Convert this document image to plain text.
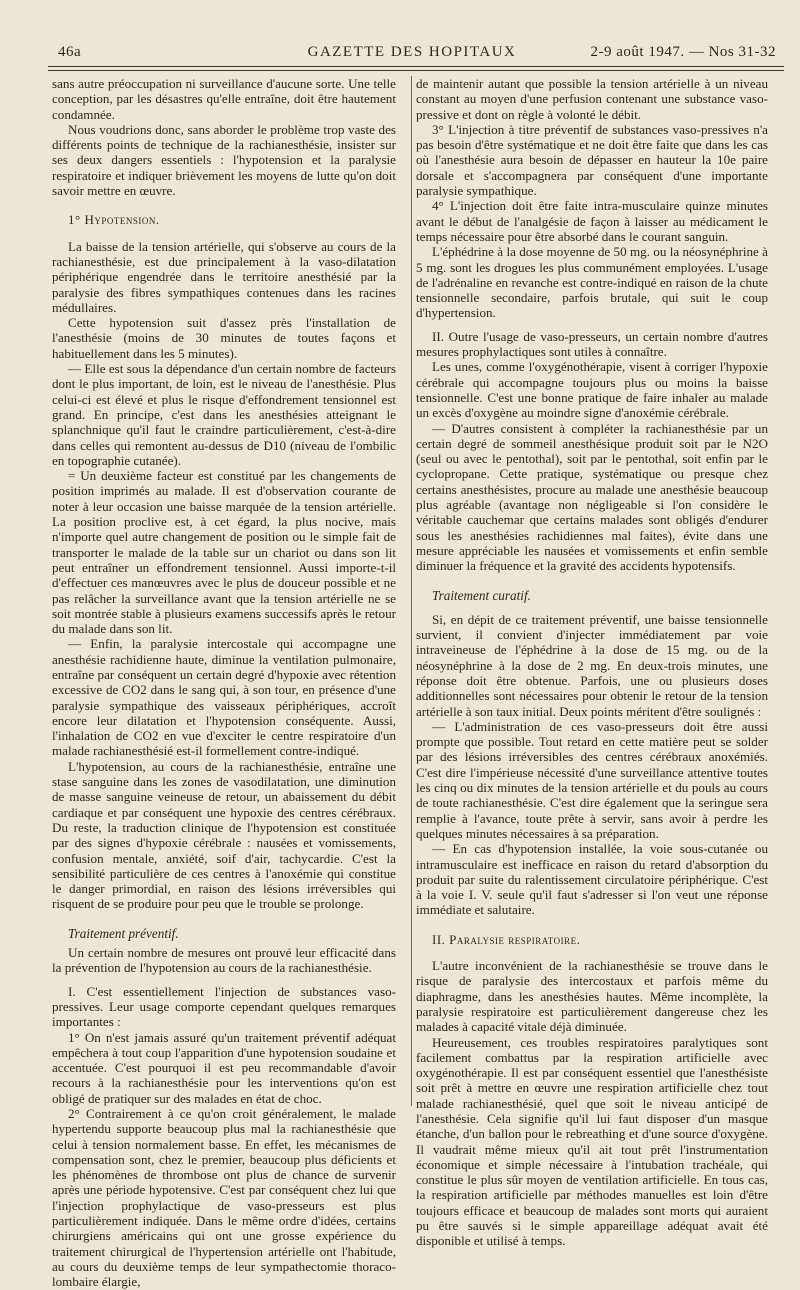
46a	GAZETTE DES HOPITAUX	2-9 août 1947. — Nos 31-32

sans autre préoccupation ni surveillance d'aucune sorte. Une telle conception, par les désastres qu'elle entraîne, doit être hautement condamnée.

Nous voudrions donc, sans aborder le problème trop vaste des différents points de technique de la rachianesthésie, insister sur ses deux dangers essentiels : l'hypotension et la paralysie respiratoire et indiquer brièvement les moyens de lutte qu'on doit savoir mettre en œuvre.

1° Hypotension.

La baisse de la tension artérielle, qui s'observe au cours de la rachianesthésie, est due principalement à la vaso-dilatation périphérique engendrée dans le territoire anesthésié par la paralysie des fibres sympathiques contenues dans les racines médullaires.

Cette hypotension suit d'assez près l'installation de l'anesthésie (moins de 30 minutes de toutes façons et habituellement dans les 5 minutes).

— Elle est sous la dépendance d'un certain nombre de facteurs dont le plus important, de loin, est le niveau de l'anesthésie. Plus celui-ci est élevé et plus le risque d'effondrement tensionnel est grand. En principe, c'est dans les anesthésies atteignant le splanchnique qu'il faut le craindre particulièrement, c'est-à-dire dans celles qui remontent au-dessus de D10 (niveau de l'ombilic en topographie cutanée).

= Un deuxième facteur est constitué par les changements de position imprimés au malade. Il est d'observation courante de noter à leur occasion une baisse marquée de la tension artérielle. La position proclive est, à cet égard, la plus nocive, mais n'importe quel autre changement de position ou le simple fait de transporter le malade de la table sur un chariot ou dans son lit peut entraîner un effondrement tensionnel. Aussi importe-t-il d'effectuer ces manœuvres avec le plus de douceur possible et ne pas relâcher la surveillance avant que la tension artérielle ne se soit montrée stable à plusieurs examens successifs après le retour du malade dans son lit.

— Enfin, la paralysie intercostale qui accompagne une anesthésie rachidienne haute, diminue la ventilation pulmonaire, entraîne par conséquent un certain degré d'hypoxie avec rétention excessive de CO2 dans le sang qui, à son tour, en présence d'une paralysie sympathique des vaisseaux périphériques, accroît encore leur dilatation et l'hypotension conséquente. Aussi, l'inhalation de CO2 en vue d'exciter le centre respiratoire d'un malade rachianesthésié est-il formellement contre-indiqué.

L'hypotension, au cours de la rachianesthésie, entraîne une stase sanguine dans les zones de vasodilatation, une diminution de masse sanguine veineuse de retour, un abaissement du débit cardiaque et par conséquent une hypoxie des centres cérébraux. Du reste, la traduction clinique de l'hypotension est constituée par des signes d'hypoxie cérébrale : nausées et vomissements, confusion mentale, anxiété, soif d'air, tachycardie. C'est la sensibilité particulière de ces centres à l'anoxémie qui constitue le danger primordial, en raison des lésions irréversibles qui risquent de se produire pour peu que le trouble se prolonge.

Traitement préventif.

Un certain nombre de mesures ont prouvé leur efficacité dans la prévention de l'hypotension au cours de la rachianesthésie.

I. C'est essentiellement l'injection de substances vaso-pressives. Leur usage comporte cependant quelques remarques importantes :

1° On n'est jamais assuré qu'un traitement préventif adéquat empêchera à tout coup l'apparition d'une hypotension soudaine et accentuée. C'est pourquoi il est peu recommandable d'avoir recours à la rachianesthésie pour les interventions qu'on est obligé de pratiquer sur des malades en état de choc.

2° Contrairement à ce qu'on croit généralement, le malade hypertendu supporte beaucoup plus mal la rachianesthésie que celui à tension normalement basse. En effet, les mécanismes de compensation sont, chez le premier, beaucoup plus déficients et les phénomènes de thrombose ont plus de chance de survenir après une période hypotensive. C'est par conséquent chez lui que l'injection prophylactique de vaso-presseurs est plus particulièrement indiquée. Dans le même ordre d'idées, certains chirurgiens américains qui ont une grosse expérience du traitement chirurgical de l'hypertension artérielle ont l'habitude, au cours du deuxième temps de leur sympathectomie thoraco-lombaire élargie,

de maintenir autant que possible la tension artérielle à un niveau constant au moyen d'une perfusion contenant une substance vaso-pressive et dont on règle à volonté le débit.

3° L'injection à titre préventif de substances vaso-pressives n'a pas besoin d'être systématique et ne doit être faite que dans les cas où l'anesthésie aura besoin de dépasser en hauteur la 10e paire dorsale et s'accompagnera par conséquent d'une importante paralysie sympathique.

4° L'injection doit être faite intra-musculaire quinze minutes avant le début de l'analgésie de façon à laisser au médicament le temps nécessaire pour être absorbé dans le courant sanguin.

L'éphédrine à la dose moyenne de 50 mg. ou la néosynéphrine à 5 mg. sont les drogues les plus communément employées. L'usage de l'adrénaline en revanche est contre-indiqué en raison de la chute tensionnelle secondaire, parfois brutale, qui suit le coup d'hypertension.

II. Outre l'usage de vaso-presseurs, un certain nombre d'autres mesures prophylactiques sont utiles à connaître.

Les unes, comme l'oxygénothérapie, visent à corriger l'hypoxie cérébrale qui accompagne toujours plus ou moins la baisse tensionnelle. C'est une bonne pratique de faire inhaler au malade un excès d'oxygène au moindre signe d'anoxémie cérébrale.

— D'autres consistent à compléter la rachianesthésie par un certain degré de sommeil anesthésique produit soit par le N2O (seul ou avec le pentothal), soit par le pentothal, soit enfin par le cyclopropane. Cette pratique, systématique ou presque chez certains anesthésistes, procure au malade une anesthésie beaucoup plus agréable (avantage non négligeable si l'on considère le véritable cauchemar que certains malades sont obligés d'endurer sous les anesthésies rachidiennes mal faites), évite dans une mesure appréciable les nausées et vomissements et enfin semble diminuer la fréquence et la gravité des accidents hypotensifs.

Traitement curatif.

Si, en dépit de ce traitement préventif, une baisse tensionnelle survient, il convient d'injecter immédiatement par voie intraveineuse de l'éphédrine à la dose de 15 mg. ou de la néosynéphrine à la dose de 2 mg. En deux-trois minutes, une réponse doit être obtenue. Parfois, une ou plusieurs doses additionnelles sont nécessaires pour obtenir le retour de la tension artérielle à son taux initial. Deux points méritent d'être soulignés :

— L'administration de ces vaso-presseurs doit être aussi prompte que possible. Tout retard en cette matière peut se solder par des lésions irréversibles des centres cérébraux anoxémiés. C'est dire l'impérieuse nécessité d'une surveillance attentive toutes les cinq ou dix minutes de la tension artérielle et du pouls au cours de toute rachianesthésie. C'est dire également que la seringue sera remplie à l'avance, toute prête à servir, sans avoir à perdre les quelques minutes nécessaires à sa préparation.

— En cas d'hypotension installée, la voie sous-cutanée ou intramusculaire est inefficace en raison du retard d'absorption du produit par suite du ralentissement circulatoire périphérique. C'est à la voie I. V. seule qu'il faut s'adresser si l'on veut une réponse immédiate et salutaire.

II. Paralysie respiratoire.

L'autre inconvénient de la rachianesthésie se trouve dans le risque de paralysie des intercostaux et parfois même du diaphragme, dans les anesthésies hautes. Même incomplète, la paralysie respiratoire est particulièrement dangereuse chez les malades à capacité vitale déjà diminuée.

Heureusement, ces troubles respiratoires paralytiques sont facilement combattus par la respiration artificielle avec oxygénothérapie. Il est par conséquent essentiel que l'anesthésiste soit prêt à mettre en œuvre une respiration artificielle chez tout malade rachianesthésié, quel que soit le niveau anticipé de l'anesthésie. Cela signifie qu'il lui faut disposer d'un masque étanche, d'un ballon pour le rebreathing et d'une source d'oxygène. Il vaudrait même mieux qu'il ait tout prêt l'instrumentation économique et simple nécessaire à l'intubation trachéale, qui constitue le plus sûr moyen de ventilation artificielle. En tous cas, la respiration artificielle par méthodes manuelles est loin d'être toujours efficace et beaucoup de malades sont morts qui auraient pu être sauvés si le simple appareillage adéquat avait été disponible et utilisé à temps.
